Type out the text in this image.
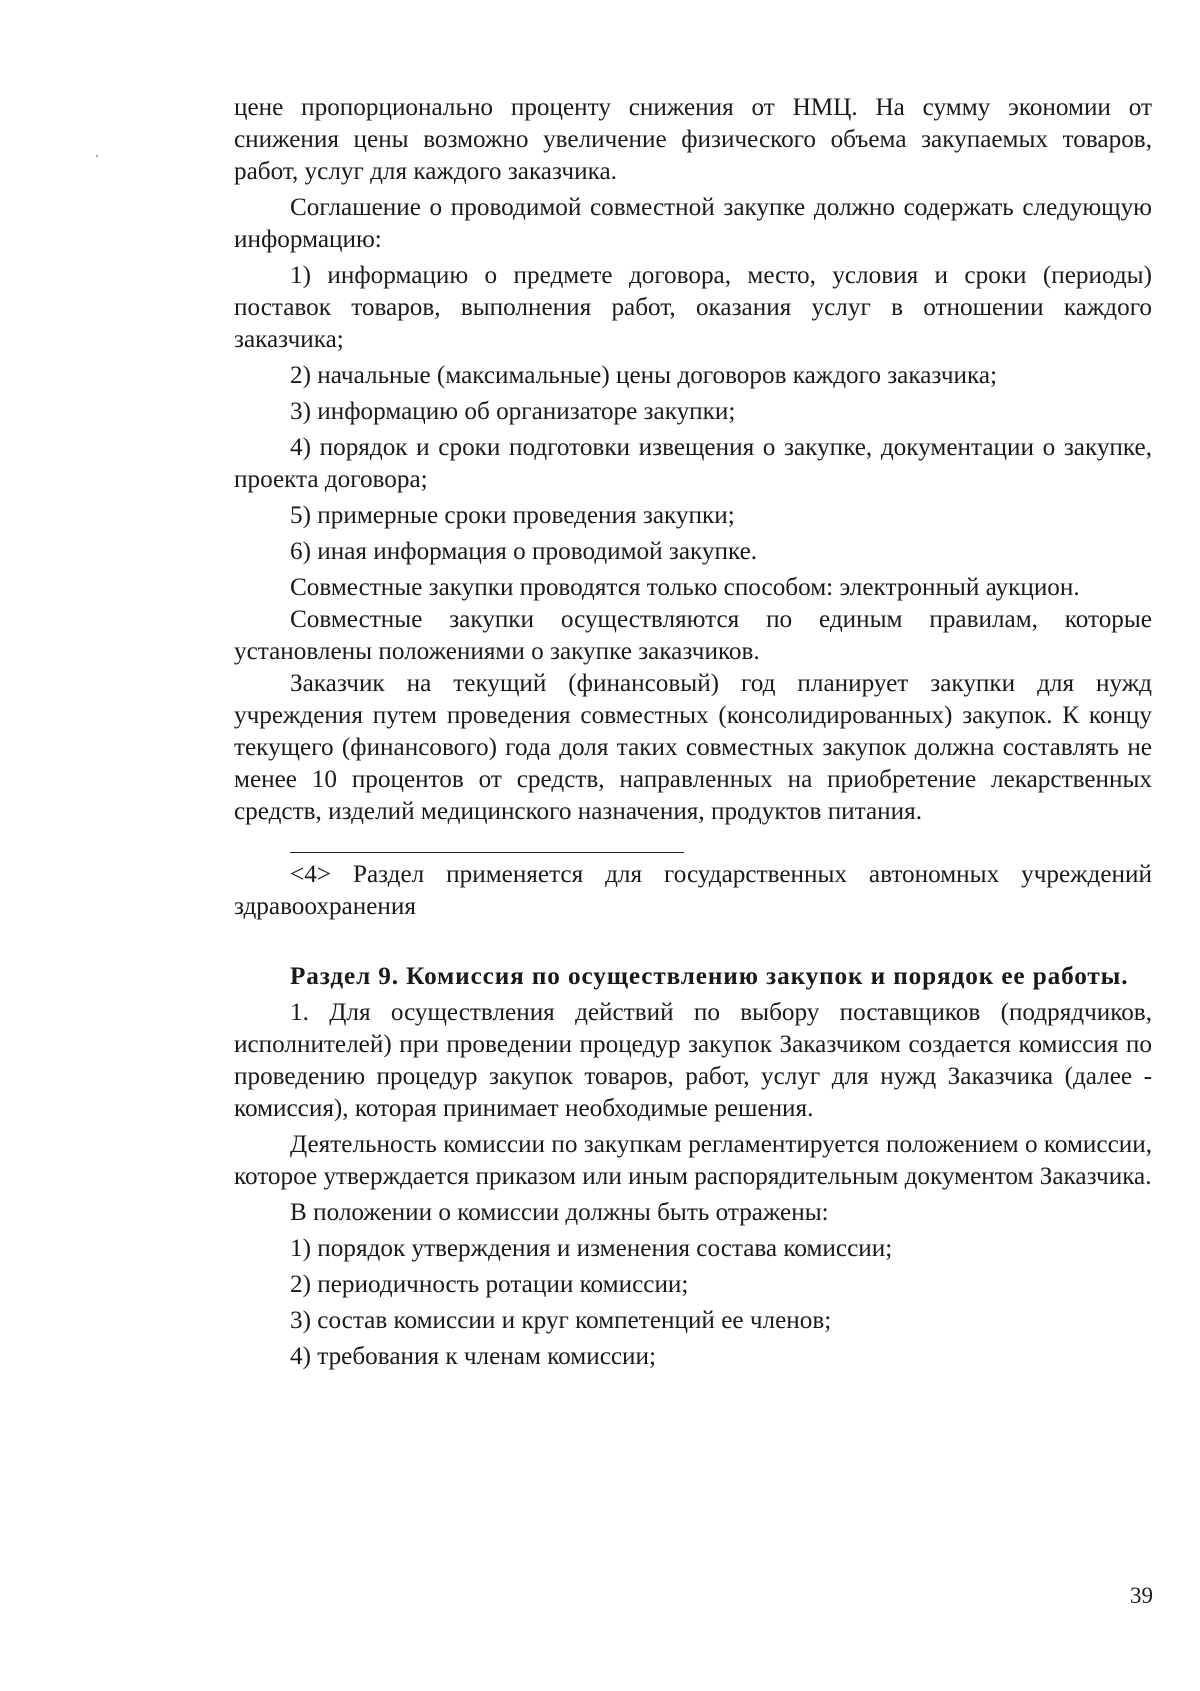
цене пропорционально проценту снижения от НМЦ. На сумму экономии от снижения цены возможно увеличение физического объема закупаемых товаров, работ, услуг для каждого заказчика.

Соглашение о проводимой совместной закупке должно содержать следующую информацию:

1) информацию о предмете договора, место, условия и сроки (периоды) поставок товаров, выполнения работ, оказания услуг в отношении каждого заказчика;

2) начальные (максимальные) цены договоров каждого заказчика;

3) информацию об организаторе закупки;

4) порядок и сроки подготовки извещения о закупке, документации о закупке, проекта договора;

5) примерные сроки проведения закупки;

6) иная информация о проводимой закупке.

Совместные закупки проводятся только способом: электронный аукцион.

Совместные закупки осуществляются по единым правилам, которые установлены положениями о закупке заказчиков.

Заказчик на текущий (финансовый) год планирует закупки для нужд учреждения путем проведения совместных (консолидированных) закупок. К концу текущего (финансового) года доля таких совместных закупок должна составлять не менее 10 процентов от средств, направленных на приобретение лекарственных средств, изделий медицинского назначения, продуктов питания.

<4> Раздел применяется для государственных автономных учреждений здравоохранения

Раздел 9. Комиссия по осуществлению закупок и порядок ее работы.

1. Для осуществления действий по выбору поставщиков (подрядчиков, исполнителей) при проведении процедур закупок Заказчиком создается комиссия по проведению процедур закупок товаров, работ, услуг для нужд Заказчика (далее - комиссия), которая принимает необходимые решения.

Деятельность комиссии по закупкам регламентируется положением о комиссии, которое утверждается приказом или иным распорядительным документом Заказчика.

В положении о комиссии должны быть отражены:

1) порядок утверждения и изменения состава комиссии;

2) периодичность ротации комиссии;

3) состав комиссии и круг компетенций ее членов;

4) требования к членам комиссии;

39
